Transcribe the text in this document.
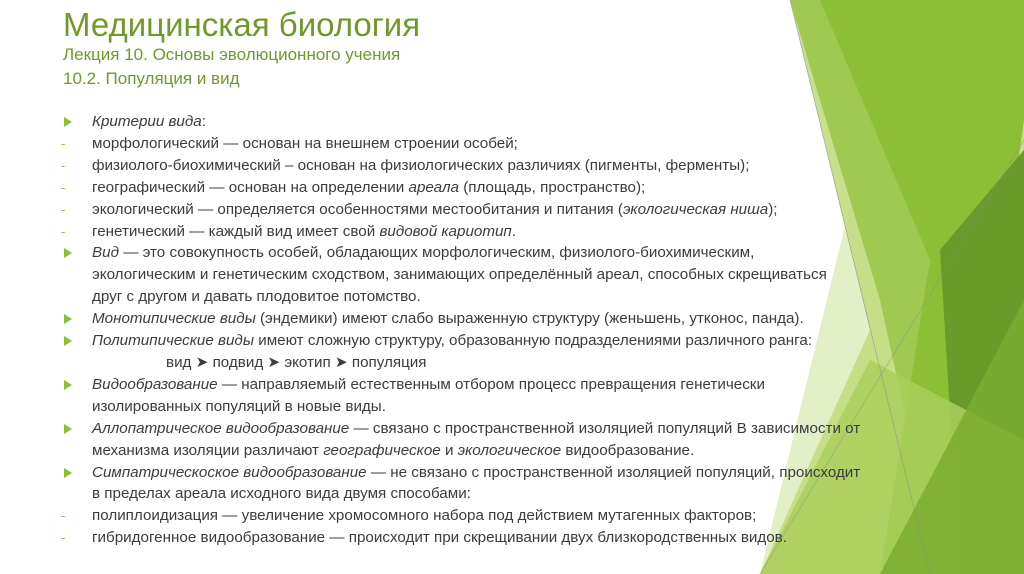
Медицинская биология
Лекция 10. Основы эволюционного учения
10.2. Популяция и вид
Критерии вида:
- морфологический — основан на внешнем строении особей;
- физиолого-биохимический – основан на физиологических различиях (пигменты, ферменты);
- географический — основан на определении ареала (площадь, пространство);
- экологический — определяется особенностями местообитания и питания (экологическая ниша);
- генетический — каждый вид имеет свой видовой кариотип.
Вид — это совокупность особей, обладающих морфологическим, физиолого-биохимическим,
экологическим и генетическим сходством, занимающих определённый ареал, способных скрещиваться
друг с другом и давать плодовитое потомство.
Монотипические виды (эндемики) имеют слабо выраженную структуру (женьшень, утконос, панда).
Политипические виды имеют сложную структуру, образованную подразделениями различного ранга:
вид ➤ подвид ➤ экотип ➤ популяция
Видообразование — направляемый естественным отбором процесс превращения генетически
изолированных популяций в новые виды.
Аллопатрическое видообразование — связано с пространственной изоляцией популяций В зависимости от
механизма изоляции различают географическое и экологическое видообразование.
Симпатрическоское видообразование — не связано с пространственной изоляцией популяций, происходит
в пределах ареала исходного вида двумя способами:
- полиплоидизация — увеличение хромосомного набора под действием мутагенных факторов;
- гибридогенное видообразование — происходит при скрещивании двух близкородственных видов.
